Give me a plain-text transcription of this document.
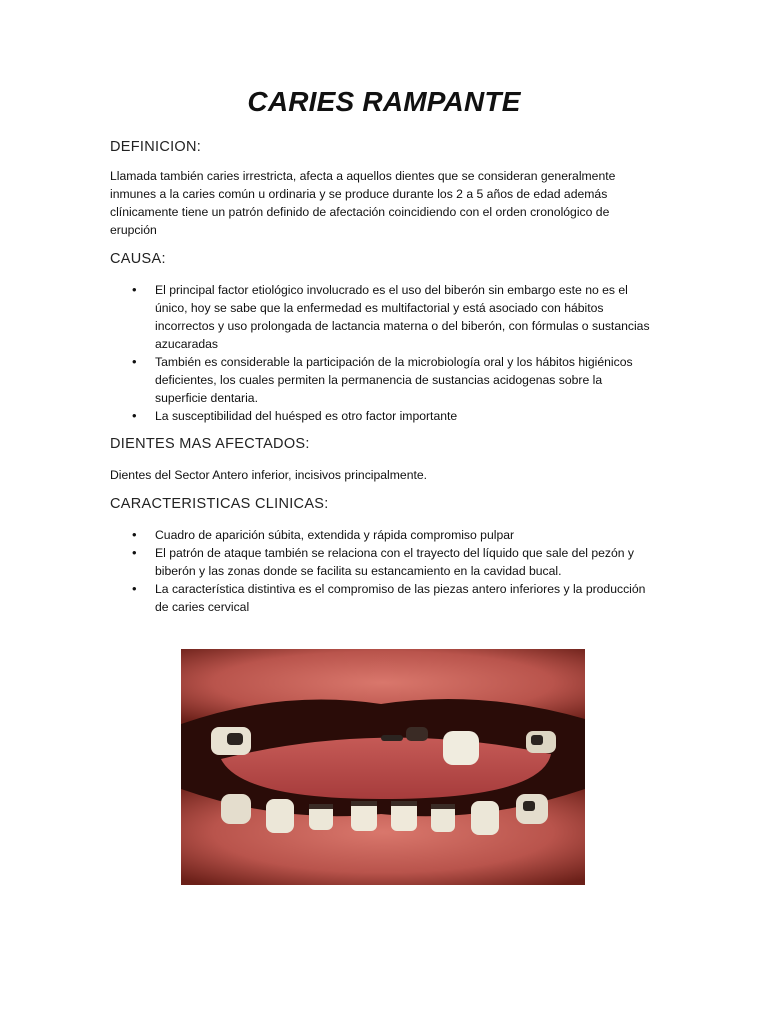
CARIES RAMPANTE
DEFINICION:

Llamada también caries irrestricta, afecta a aquellos dientes que se consideran generalmente inmunes a la caries común u ordinaria y se produce durante los 2 a 5 años de edad además clínicamente tiene un patrón definido de afectación coincidiendo con el orden cronológico de erupción

CAUSA:
• El principal factor etiológico involucrado es el uso del biberón sin embargo este no es el único, hoy se sabe que la enfermedad es multifactorial y está asociado con hábitos incorrectos y uso prolongada de lactancia materna o del biberón, con fórmulas o sustancias azucaradas
• También es considerable la participación de la microbiología oral y los hábitos higiénicos deficientes, los cuales permiten la permanencia de sustancias acidogenas sobre la superficie dentaria.
• La susceptibilidad del huésped es otro factor importante
DIENTES MAS AFECTADOS:

Dientes del Sector Antero inferior, incisivos principalmente.

CARACTERISTICAS CLINICAS:
• Cuadro de aparición súbita, extendida y rápida compromiso pulpar
• El patrón de ataque también se relaciona con el trayecto del líquido que sale del pezón y biberón y las zonas donde se facilita su estancamiento en la cavidad bucal.
• La característica distintiva es el compromiso de las piezas antero inferiores y la producción de caries cervical
